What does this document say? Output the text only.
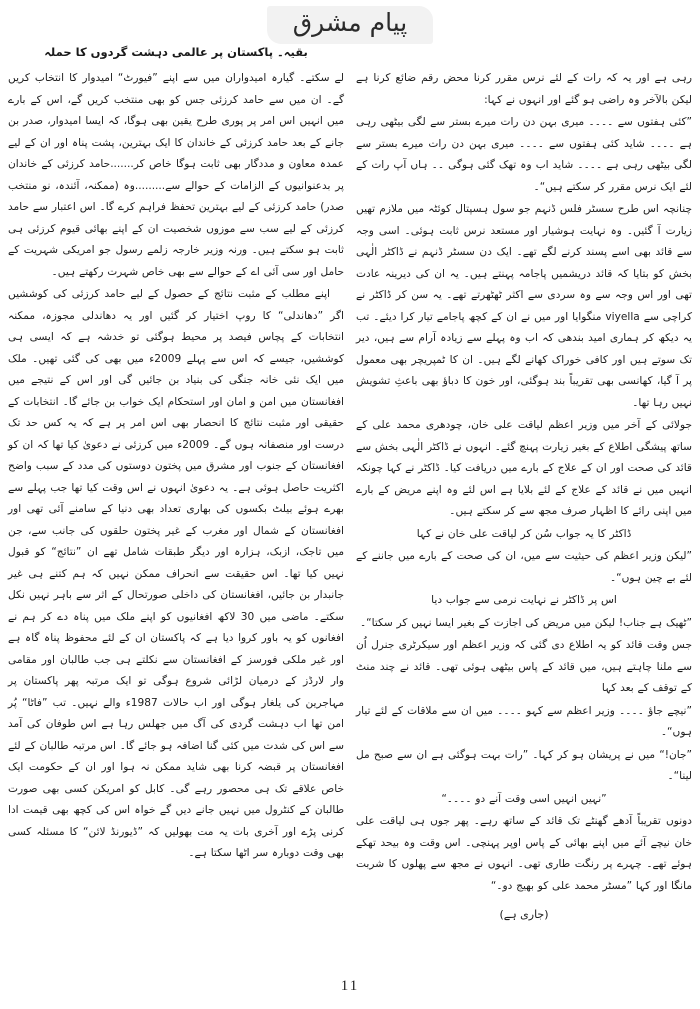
پیام مشرق

رہی ہے اور یہ کہ رات کے لئے نرس مقرر کرنا محض رقم ضائع کرنا ہے لیکن بالآخر وہ راضی ہو گئے اور انہوں نے کہا:

”کئی ہفتوں سے ۔۔۔۔ میری بہن دن رات میرے بستر سے لگی بیٹھی رہی ہے ۔۔۔۔ شاید کئی ہفتوں سے ۔۔۔۔ میری بہن دن رات میرے بستر سے لگی بیٹھی رہی ہے ۔۔۔۔ شاید اب وہ تھک گئی ہوگی ۔۔ ہاں آپ رات کے لئے ایک نرس مقرر کر سکتے ہیں“۔

چنانچہ اس طرح سسٹر فلس ڈنہم جو سول ہسپتال کوئٹہ میں ملازم تھیں زیارت آ گئیں۔ وہ نہایت ہوشیار اور مستعد نرس ثابت ہوئی۔ اسی وجہ سے قائد بھی اسے پسند کرنے لگے تھے۔ ایک دن سسٹر ڈنہم نے ڈاکٹر الٰہی بخش کو بتایا کہ قائد دریشمیں پاجامہ پہنتے ہیں۔ یہ ان کی دیرینہ عادت تھی اور اس وجہ سے وہ سردی سے اکثر ٹھٹھرتے تھے۔ یہ سن کر ڈاکٹر نے کراچی سے viyella منگوایا اور میں نے ان کے کچھ پاجامے تیار کرا دیئے۔ تب یہ دیکھ کر ہماری امید بندھی کہ اب وہ پہلے سے زیادہ آرام سے ہیں، دیر تک سوتے ہیں اور کافی خوراک کھانے لگے ہیں۔ ان کا ٹمپریچر بھی معمول پر آ گیا، کھانسی بھی تقریباً بند ہوگئی، اور خون کا دباؤ بھی باعثِ تشویش نہیں رہا تھا۔

جولائی کے آخر میں وزیر اعظم لیاقت علی خان، چودھری محمد علی کے ساتھ پیشگی اطلاع کے بغیر زیارت پہنچ گئے۔ انہوں نے ڈاکٹر الٰہی بخش سے قائد کی صحت اور ان کے علاج کے بارے میں دریافت کیا۔ ڈاکٹر نے کہا چونکہ انہیں میں نے قائد کے علاج کے لئے بلایا ہے اس لئے وہ اپنے مریض کے بارے میں اپنی رائے کا اظہار صرف مجھ سے کر سکتے ہیں۔

ڈاکٹر کا یہ جواب سُن کر لیاقت علی خان نے کہا

”لیکن وزیر اعظم کی حیثیت سے میں، ان کی صحت کے بارے میں جاننے کے لئے بے چین ہوں“۔

اس پر ڈاکٹر نے نہایت نرمی سے جواب دیا

”ٹھیک ہے جناب! لیکن میں مریض کی اجازت کے بغیر ایسا نہیں کر سکتا“۔

جس وقت قائد کو یہ اطلاع دی گئی کہ وزیر اعظم اور سیکرٹری جنرل اُن سے ملنا چاہتے ہیں، میں قائد کے پاس بیٹھی ہوئی تھی۔ قائد نے چند منٹ کے توقف کے بعد کہا

”نیچے جاؤ ۔۔۔۔ وزیر اعظم سے کہو ۔۔۔۔ میں ان سے ملاقات کے لئے تیار ہوں“۔

”جان!“ میں نے پریشان ہو کر کہا۔ ”رات بہت ہوگئی ہے ان سے صبح مل لینا“۔

”نہیں انہیں اسی وقت آنے دو ۔۔۔۔“

دونوں تقریباً آدھے گھنٹے تک قائد کے ساتھ رہے۔ پھر جوں ہی لیاقت علی خان نیچے آئے میں اپنے بھائی کے پاس اوپر پہنچی۔ اس وقت وہ بیحد تھکے ہوئے تھے۔ چہرے پر رنگت طاری تھی۔ انہوں نے مجھ سے پھلوں کا شربت مانگا اور کہا ”مسٹر محمد علی کو بھیج دو۔“

(جاری ہے)

بقیہ۔ پاکستان پر عالمی دہشت گردوں کا حملہ

لے سکتے۔ گیارہ امیدواران میں سے اپنے ”فیورٹ“ امیدوار کا انتخاب کریں گے۔ ان میں سے حامد کرزئی جس کو بھی منتخب کریں گے، اس کے بارے میں انہیں اس امر پر پوری طرح یقین بھی ہوگا، کہ ایسا امیدوار، صدر بن جانے کے بعد حامد کرزئی کے خاندان کا ایک بہترین، پشت پناہ اور ان کے لیے عمدہ معاون و مددگار بھی ثابت ہوگا خاص کر.......حامد کرزئی کے خاندان پر بدعنوانیوں کے الزامات کے حوالے سے.........وہ (ممکنہ، آئندہ، نو منتخب صدر) حامد کرزئی کے لیے بہترین تحفظ فراہم کرے گا۔ اس اعتبار سے حامد کرزئی کے لیے سب سے موزوں شخصیت ان کے اپنے بھائی قیوم کرزئی ہی ثابت ہو سکتے ہیں۔ ورنہ وزیر خارجہ زلمے رسول جو امریکی شہریت کے حامل اور سی آئی اے کے حوالے سے بھی خاص شہرت رکھتے ہیں۔

اپنے مطلب کے مثبت نتائج کے حصول کے لیے حامد کرزئی کی کوششیں اگر ”دھاندلی“ کا روپ اختیار کر گئیں اور یہ دھاندلی مجوزہ، ممکنہ انتخابات کے پچاس فیصد پر محیط ہوگئی تو خدشہ ہے کہ ایسی ہی کوششیں، جیسے کہ اس سے پہلے 2009ء میں بھی کی گئی تھیں۔ ملک میں ایک نئی خانہ جنگی کی بنیاد بن جائیں گی اور اس کے نتیجے میں افغانستان میں امن و امان اور استحکام ایک خواب بن جائے گا۔ انتخابات کے حقیقی اور مثبت نتائج کا انحصار بھی اس امر پر ہے کہ یہ کس حد تک درست اور منصفانہ ہوں گے۔ 2009ء میں کرزئی نے دعویٰ کیا تھا کہ ان کو افغانستان کے جنوب اور مشرق میں پختون دوستوں کی مدد کے سبب واضح اکثریت حاصل ہوئی ہے۔ یہ دعویٰ انہوں نے اس وقت کیا تھا جب پہلے سے بھرے ہوئے بیلٹ بکسوں کی بھاری تعداد بھی دنیا کے سامنے آئی تھی اور افغانستان کے شمال اور مغرب کے غیر پختون حلقوں کی جانب سے، جن میں تاجک، ازبک، ہزارہ اور دیگر طبقات شامل تھے ان ”نتائج“ کو قبول نہیں کیا تھا۔ اس حقیقت سے انحراف ممکن نہیں کہ ہم کتنے ہی غیر جانبدار بن جائیں، افغانستان کی داخلی صورتحال کے اثر سے باہر نہیں نکل سکتے۔ ماضی میں 30 لاکھ افغانیوں کو اپنے ملک میں پناہ دے کر ہم نے افغانوں کو یہ باور کروا دیا ہے کہ پاکستان ان کے لئے محفوظ پناہ گاہ ہے اور غیر ملکی فورسز کے افغانستان سے نکلتے ہی جب طالبان اور مقامی وار لارڈز کے درمیان لڑائی شروع ہوگی تو ایک مرتبہ پھر پاکستان پر مہاجرین کی یلغار ہوگی اور اب حالات 1987ء والے نہیں۔ تب ”فاٹا“ پُر امن تھا اب دہشت گردی کی آگ میں جھلس رہا ہے اس طوفان کی آمد سے اس کی شدت میں کئی گنا اضافہ ہو جائے گا۔ اس مرتبہ طالبان کے لئے افغانستان پر قبضہ کرنا بھی شاید ممکن نہ ہوا اور ان کے حکومت ایک خاص علاقے تک ہی محصور رہے گی۔ کابل کو امریکن کسی بھی صورت طالبان کے کنٹرول میں نہیں جانے دیں گے خواہ اس کی کچھ بھی قیمت ادا کرنی پڑے اور آخری بات یہ مت بھولیں کہ ”ڈیورنڈ لائن“ کا مسئلہ کسی بھی وقت دوبارہ سر اٹھا سکتا ہے۔

11
